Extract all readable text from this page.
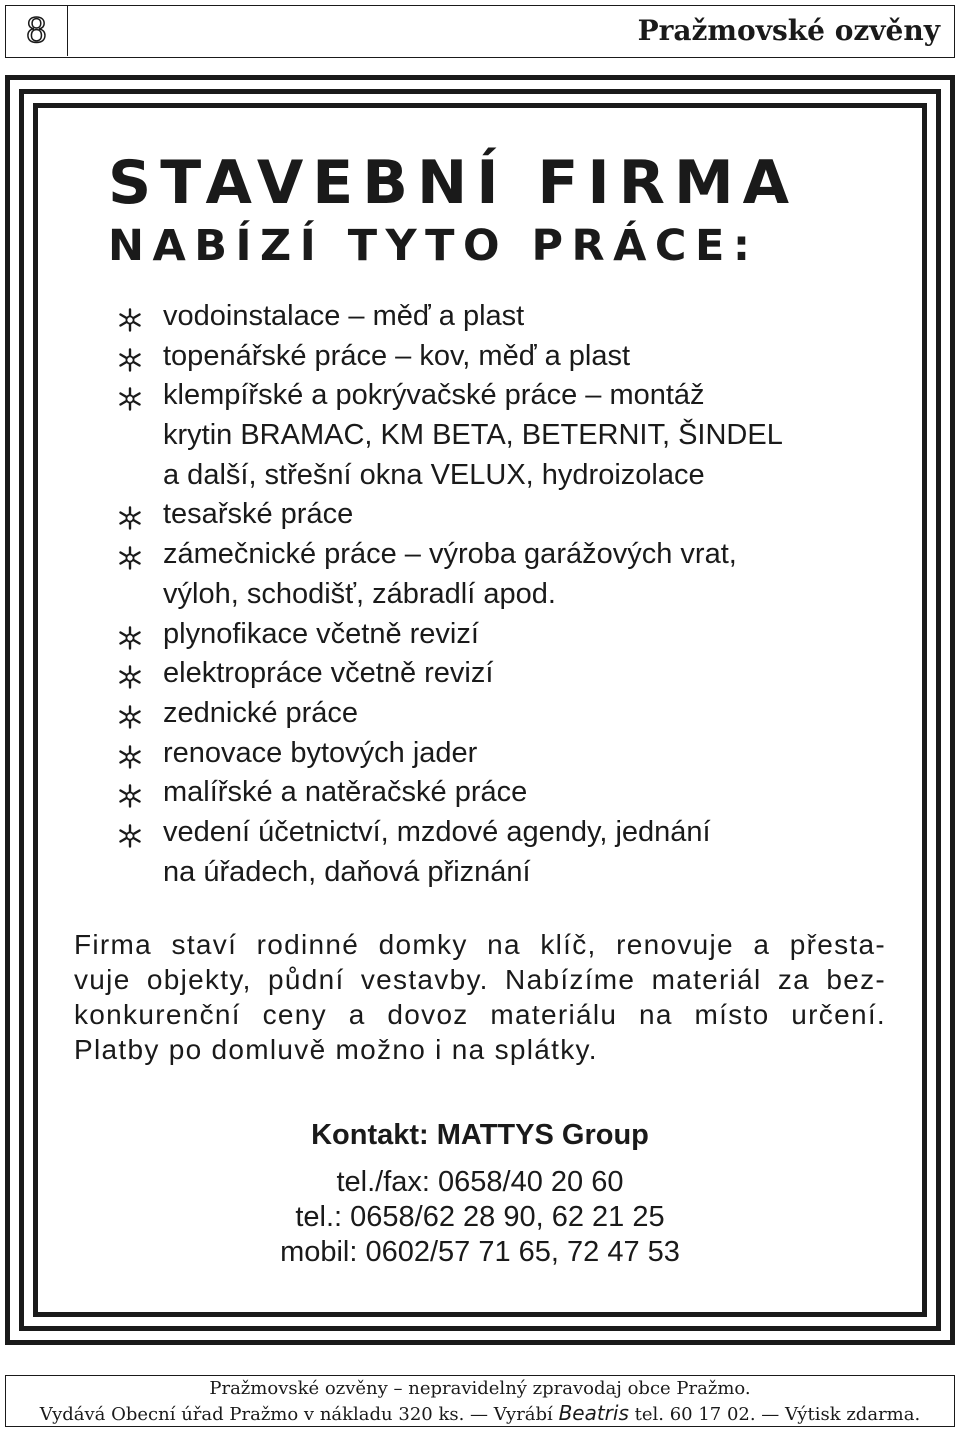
8	Pražmovské ozvěny
STAVEBNÍ FIRMA
NABÍZÍ TYTO PRÁCE:
vodoinstalace – měď a plast
topenářské práce – kov, měď a plast
klempířské a pokrývačské práce – montáž
krytin BRAMAC, KM BETA, BETERNIT, ŠINDEL
a další, střešní okna VELUX, hydroizolace
tesařské práce
zámečnické práce – výroba garážových vrat,
výloh, schodišť, zábradlí apod.
plynofikace včetně revizí
elektropráce včetně revizí
zednické práce
renovace bytových jader
malířské a natěračské práce
vedení účetnictví, mzdové agendy, jednání
na úřadech, daňová přiznání
Firma staví rodinné domky na klíč, renovuje a přesta-
vuje objekty, půdní vestavby. Nabízíme materiál za bez-
konkurenční ceny a dovoz materiálu na místo určení.
Platby po domluvě možno i na splátky.
Kontakt: MATTYS Group
tel./fax: 0658/40 20 60
tel.: 0658/62 28 90, 62 21 25
mobil: 0602/57 71 65, 72 47 53
Pražmovské ozvěny – nepravidelný zpravodaj obce Pražmo.
Vydává Obecní úřad Pražmo v nákladu 320 ks. — Vyrábí Beatris tel. 60 17 02. — Výtisk zdarma.
